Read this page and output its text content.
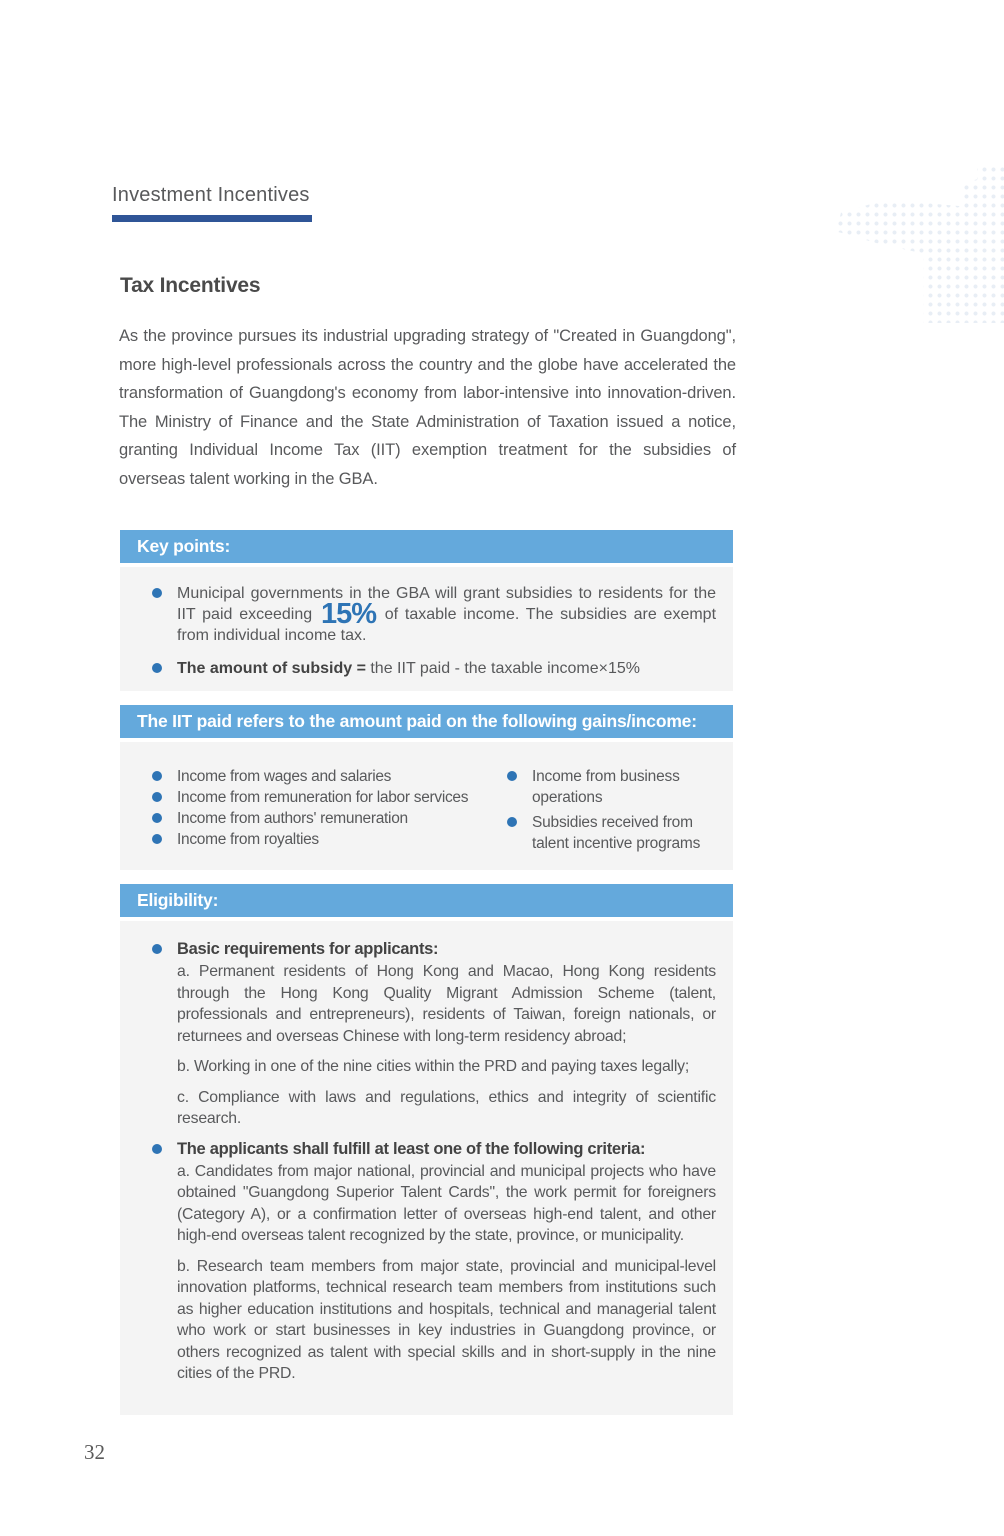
Investment Incentives
Tax Incentives

As the province pursues its industrial upgrading strategy of "Created in Guangdong", more high-level professionals across the country and the globe have accelerated the transformation of Guangdong's economy from labor-intensive into innovation-driven. The Ministry of Finance and the State Administration of Taxation issued a notice, granting Individual Income Tax (IIT) exemption treatment for the subsidies of overseas talent working in the GBA.

Key points:
Municipal governments in the GBA will grant subsidies to residents for the IIT paid exceeding 15% of taxable income. The subsidies are exempt from individual income tax.
The amount of subsidy = the IIT paid - the taxable income×15%
The IIT paid refers to the amount paid on the following gains/income:
Income from wages and salaries
Income from remuneration for labor services
Income from authors' remuneration
Income from royalties
Income from business operations
Subsidies received from talent incentive programs
Eligibility:
Basic requirements for applicants:

a. Permanent residents of Hong Kong and Macao, Hong Kong residents through the Hong Kong Quality Migrant Admission Scheme (talent, professionals and entrepreneurs), residents of Taiwan, foreign nationals, or returnees and overseas Chinese with long-term residency abroad;

b. Working in one of the nine cities within the PRD and paying taxes legally;

c. Compliance with laws and regulations, ethics and integrity of scientific research.

The applicants shall fulfill at least one of the following criteria:

a. Candidates from major national, provincial and municipal projects who have obtained "Guangdong Superior Talent Cards", the work permit for foreigners (Category A), or a confirmation letter of overseas high-end talent, and other high-end overseas talent recognized by the state, province, or municipality.

b. Research team members from major state, provincial and municipal-level innovation platforms, technical research team members from institutions such as higher education institutions and hospitals, technical and managerial talent who work or start businesses in key industries in Guangdong province, or others recognized as talent with special skills and in short-supply in the nine cities of the PRD.

32
